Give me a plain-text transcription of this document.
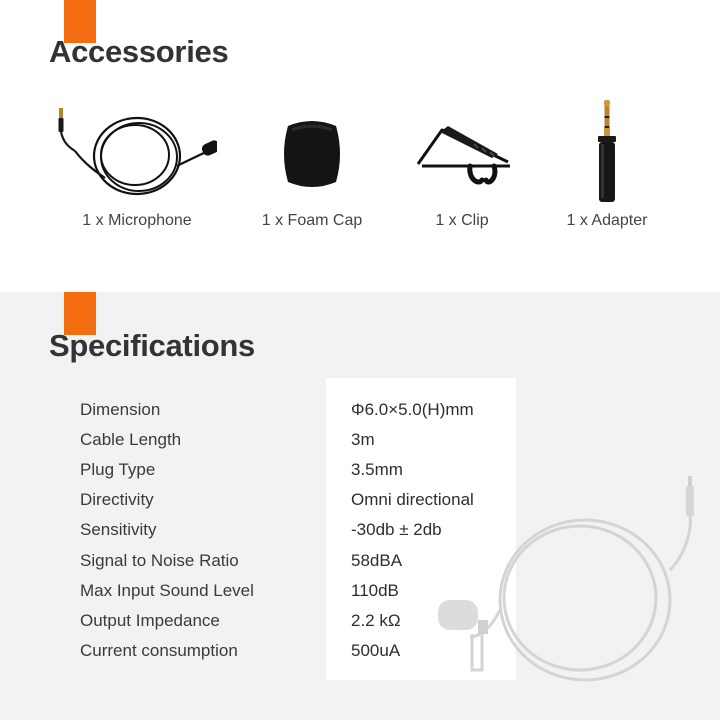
Accessories
1 x Microphone	1 x Foam Cap	1 x Clip	1 x Adapter
Specifications
Dimension	Φ6.0×5.0(H)mm
Cable Length	3m
Plug Type	3.5mm
Directivity	Omni directional
Sensitivity	-30db ± 2db
Signal to Noise Ratio	58dBA
Max Input Sound Level	110dB
Output Impedance	2.2 kΩ
Current consumption	500uA
